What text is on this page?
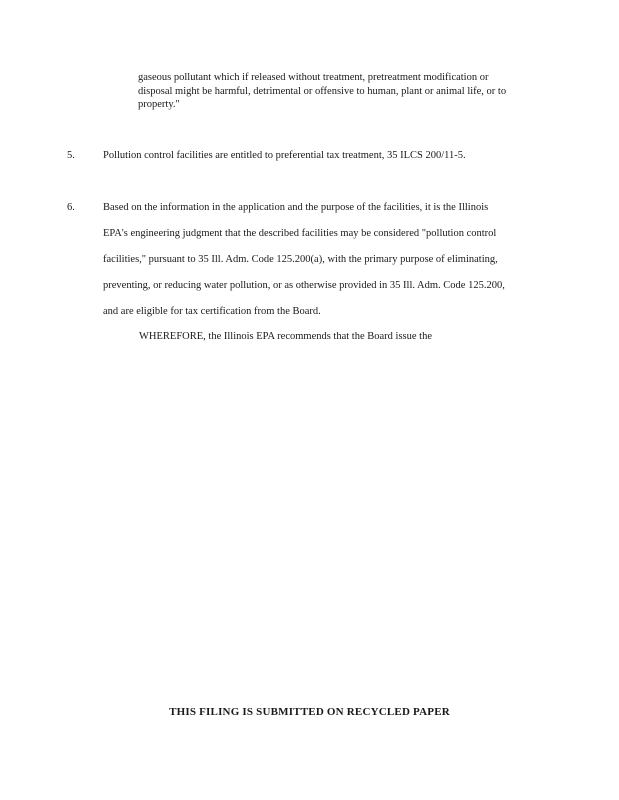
gaseous pollutant which if released without treatment, pretreatment modification or
disposal might be harmful, detrimental or offensive to human, plant or animal life, or to
property."
5.	Pollution control facilities are entitled to preferential tax treatment, 35 ILCS 200/11-5.
6.	Based on the information in the application and the purpose of the facilities, it is the Illinois
EPA's engineering judgment that the described facilities may be considered "pollution control
facilities," pursuant to 35 Ill. Adm. Code 125.200(a), with the primary purpose of eliminating,
preventing, or reducing water pollution, or as otherwise provided in 35 Ill. Adm. Code 125.200,
and are eligible for tax certification from the Board.
WHEREFORE, the Illinois EPA recommends that the Board issue the
THIS FILING IS SUBMITTED ON RECYCLED PAPER
